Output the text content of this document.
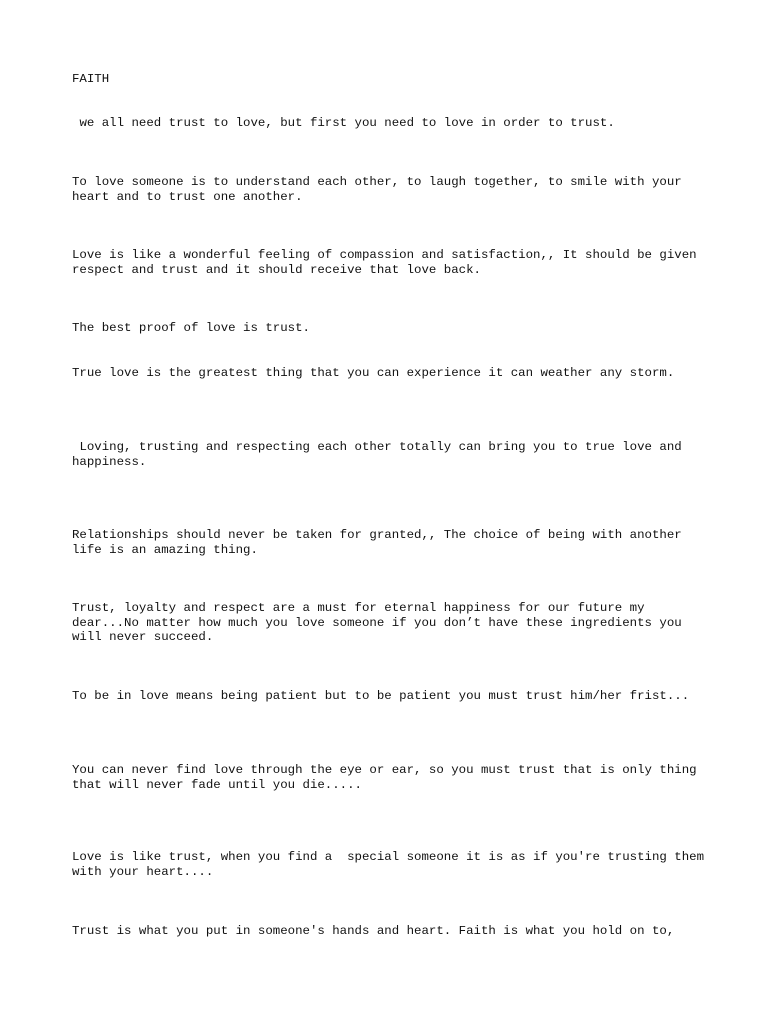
FAITH

we all need trust to love, but first you need to love in order to trust.

To love someone is to understand each other, to laugh together, to smile with your heart and to trust one another.

Love is like a wonderful feeling of compassion and satisfaction,, It should be given respect and trust and it should receive that love back.

The best proof of love is trust.

True love is the greatest thing that you can experience it can weather any storm.

Loving, trusting and respecting each other totally can bring you to true love and happiness.

Relationships should never be taken for granted,, The choice of being with another life is an amazing thing.

Trust, loyalty and respect are a must for eternal happiness for our future my dear...No matter how much you love someone if you don’t have these ingredients you will never succeed.

To be in love means being patient but to be patient you must trust him/her frist...

You can never find love through the eye or ear, so you must trust that is only thing that will never fade until you die.....

Love is like trust, when you find a  special someone it is as if you're trusting them with your heart....

Trust is what you put in someone's hands and heart. Faith is what you hold on to,
